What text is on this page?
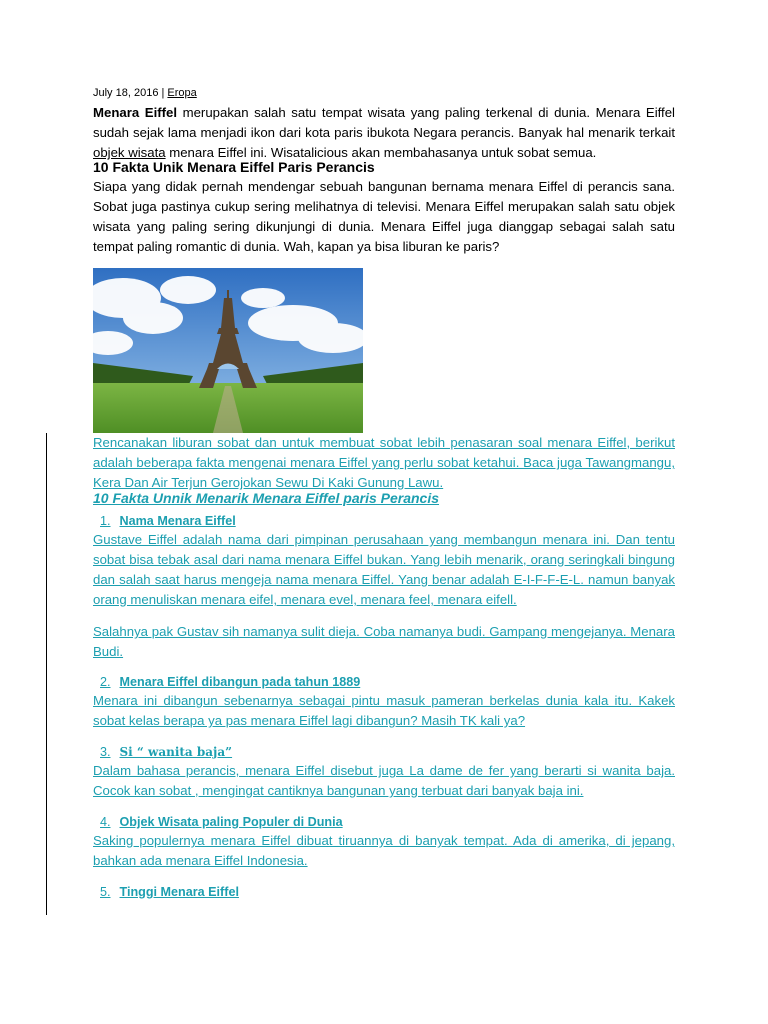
July 18, 2016 | Eropa

Menara Eiffel merupakan salah satu tempat wisata yang paling terkenal di dunia. Menara Eiffel sudah sejak lama menjadi ikon dari kota paris ibukota Negara perancis. Banyak hal menarik terkait objek wisata menara Eiffel ini. Wisatalicious akan membahasanya untuk sobat semua.

10 Fakta Unik Menara Eiffel Paris Perancis

Siapa yang didak pernah mendengar sebuah bangunan bernama menara Eiffel di perancis sana. Sobat juga pastinya cukup sering melihatnya di televisi. Menara Eiffel merupakan salah satu objek wisata yang paling sering dikunjungi di dunia. Menara Eiffel juga dianggap sebagai salah satu tempat paling romantic di dunia. Wah, kapan ya bisa liburan ke paris?

Rencanakan liburan sobat dan untuk membuat sobat lebih penasaran soal menara Eiffel, berikut adalah beberapa fakta mengenai menara Eiffel yang perlu sobat ketahui. Baca juga Tawangmangu, Kera Dan Air Terjun Gerojokan Sewu Di Kaki Gunung Lawu.

10 Fakta Unnik Menarik Menara Eiffel paris Perancis
1. Nama Menara Eiffel

Gustave Eiffel adalah nama dari pimpinan perusahaan yang membangun menara ini. Dan tentu sobat bisa tebak asal dari nama menara Eiffel bukan. Yang lebih menarik, orang seringkali bingung dan salah saat harus mengeja nama menara Eiffel. Yang benar adalah E-I-F-F-E-L. namun banyak orang menuliskan menara eifel, menara evel, menara feel, menara eifell.

Salahnya pak Gustav sih namanya sulit dieja. Coba namanya budi. Gampang mengejanya. Menara Budi.

2. Menara Eiffel dibangun pada tahun 1889

Menara ini dibangun sebenarnya sebagai pintu masuk pameran berkelas dunia kala itu. Kakek sobat kelas berapa ya pas menara Eiffel lagi dibangun? Masih TK kali ya?

3. Si “ wanita baja”

Dalam bahasa perancis, menara Eiffel disebut juga La dame de fer yang berarti si wanita baja. Cocok kan sobat , mengingat cantiknya bangunan yang terbuat dari banyak baja ini.

4. Objek Wisata paling Populer di Dunia

Saking populernya menara Eiffel dibuat tiruannya di banyak tempat. Ada di amerika, di jepang, bahkan ada menara Eiffel Indonesia.

5. Tinggi Menara Eiffel
